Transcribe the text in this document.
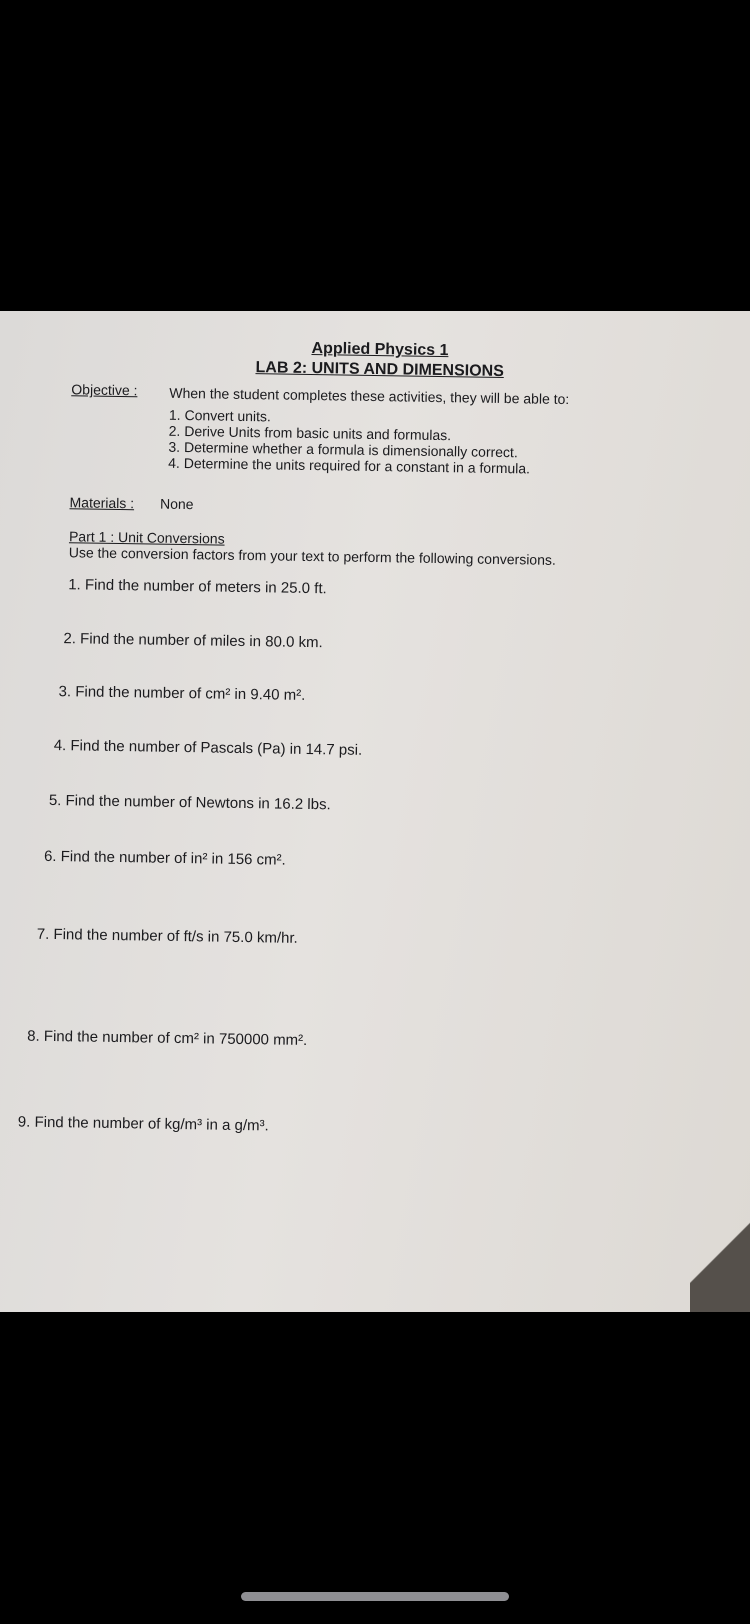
Applied Physics 1
LAB 2: UNITS AND DIMENSIONS
Objective : When the student completes these activities, they will be able to:
1. Convert units.
2. Derive Units from basic units and formulas.
3. Determine whether a formula is dimensionally correct.
4. Determine the units required for a constant in a formula.
Materials : None
Part 1 : Unit Conversions
Use the conversion factors from your text to perform the following conversions.
1. Find the number of meters in 25.0 ft.
2. Find the number of miles in 80.0 km.
3. Find the number of cm² in 9.40 m².
4. Find the number of Pascals (Pa) in 14.7 psi.
5. Find the number of Newtons in 16.2 lbs.
6. Find the number of in² in 156 cm².
7. Find the number of ft/s in 75.0 km/hr.
8. Find the number of cm² in 750000 mm².
9. Find the number of kg/m³ in a g/m³.
